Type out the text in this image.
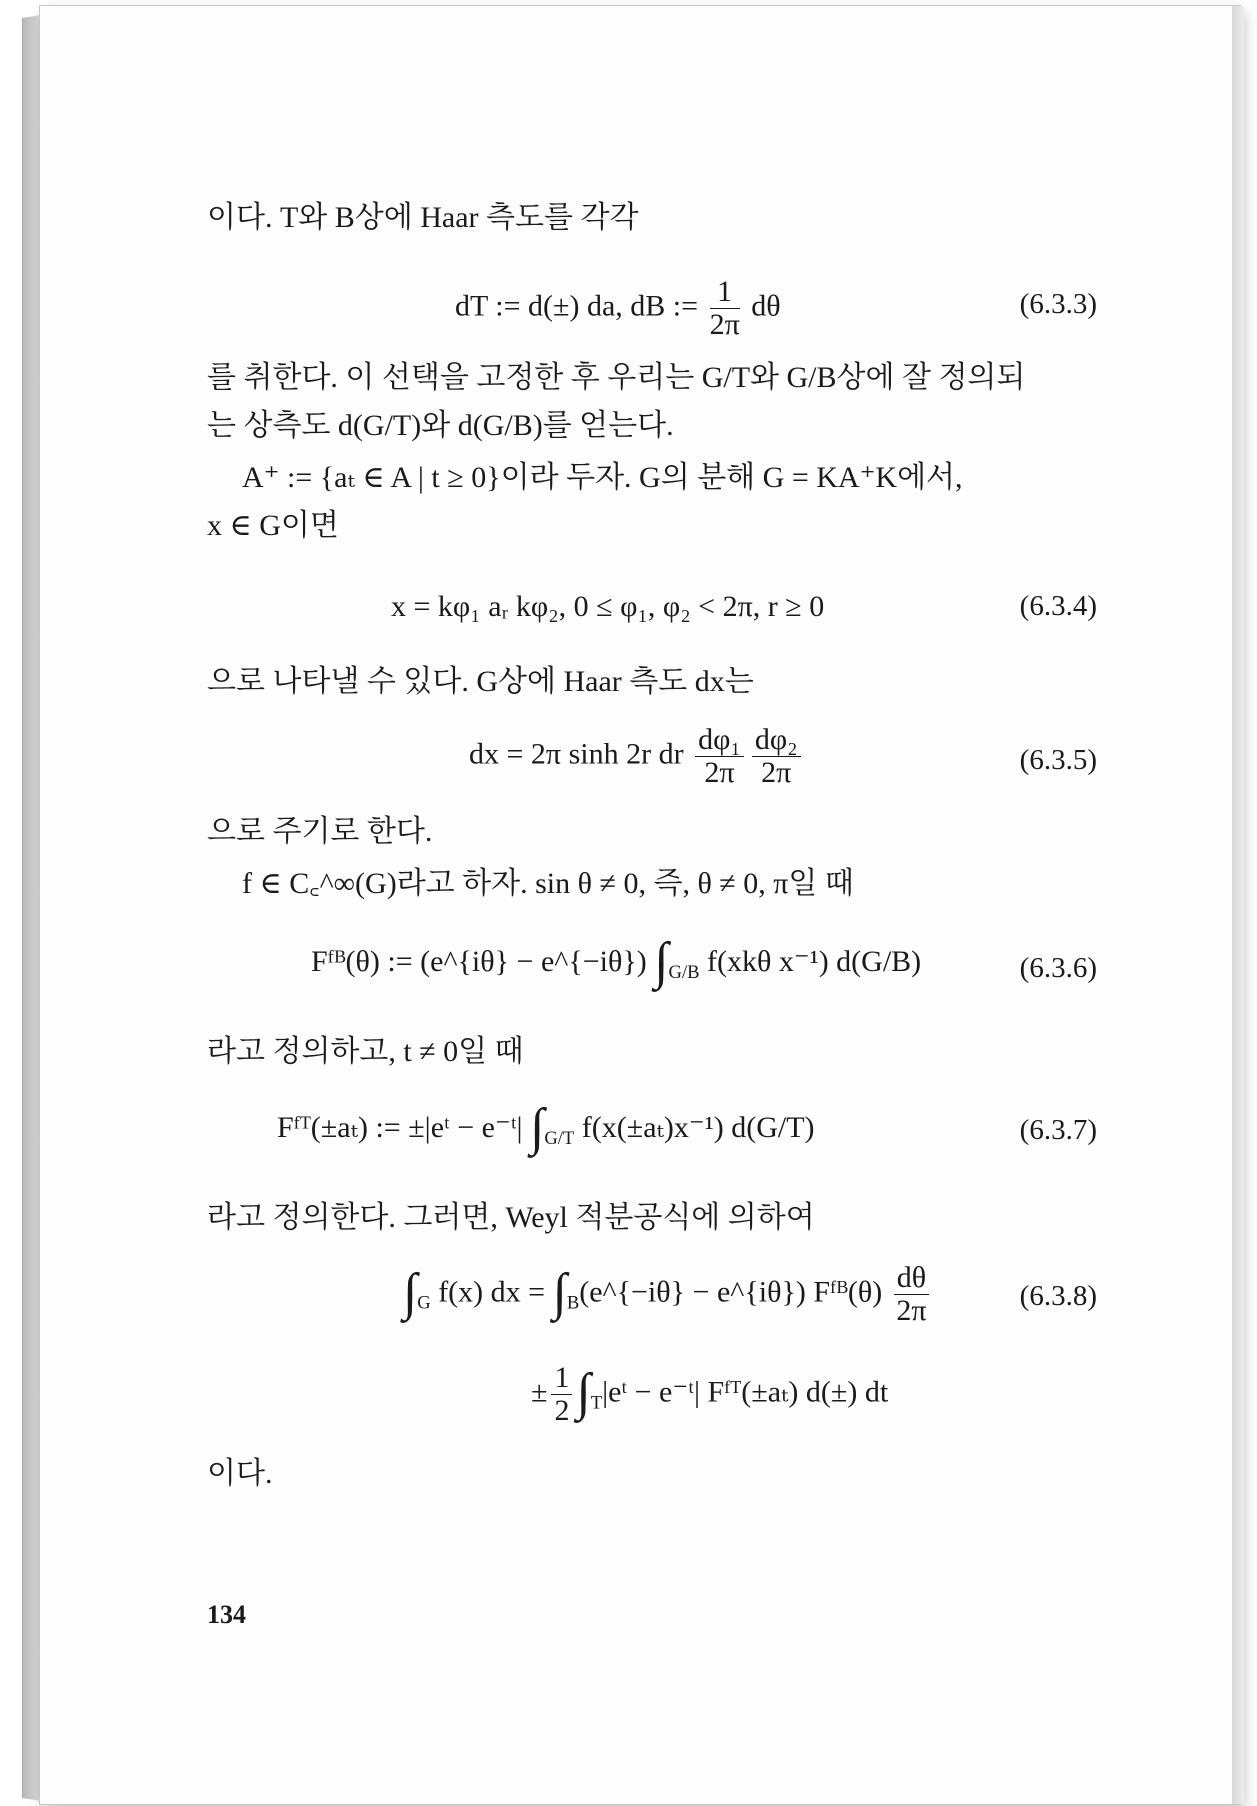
이다. T와 B상에 Haar 측도를 각각
dT := d(±) da, dB := $\frac{1}{2\pi}$ dθ	(6.3.3)
를 취한다. 이 선택을 고정한 후 우리는 G/T와 G/B상에 잘 정의되
는 상측도 d(G/T)와 d(G/B)를 얻는다.
A⁺ := {aₜ ∈ A | t ≥ 0}이라 두자. G의 분해 G = KA⁺K에서,
x ∈ G이면
x = kφ₁ aᵣ kφ₂, 0 ≤ φ₁, φ₂ < 2π, r ≥ 0	(6.3.4)
으로 나타낼 수 있다. G상에 Haar 측도 dx는
dx = 2π sinh 2r dr $\frac{\text{dφ₁}}{2\pi} \frac{\text{dφ₂}}{2\pi}$	(6.3.5)
으로 주기로 한다.
f ∈ C꜀^∞(G)라고 하자. sin θ ≠ 0, 즉, θ ≠ 0, π일 때
Fᶠᴮ(θ) := (e^{iθ} − e^{−iθ}) $\int_{G/B}$ f(xkθ x⁻¹) d(G/B)	(6.3.6)
라고 정의하고, t ≠ 0일 때
Fᶠᵀ(±aₜ) := ±|eᵗ − e⁻ᵗ| $\int_{G/T}$ f(x(±aₜ)x⁻¹) d(G/T)	(6.3.7)
라고 정의한다. 그러면, Weyl 적분공식에 의하여
$\int_G$ f(x) dx = $\int_B(e\^{}\{-i\theta\}$ − e^{iθ}) Fᶠᴮ(θ) $\frac{d\theta}{2\pi}$	(6.3.8)
± $\frac{1}{2}$ $\int_T|eᵗ$ − e⁻ᵗ| Fᶠᵀ(±aₜ) d(±) dt
이다.
134
